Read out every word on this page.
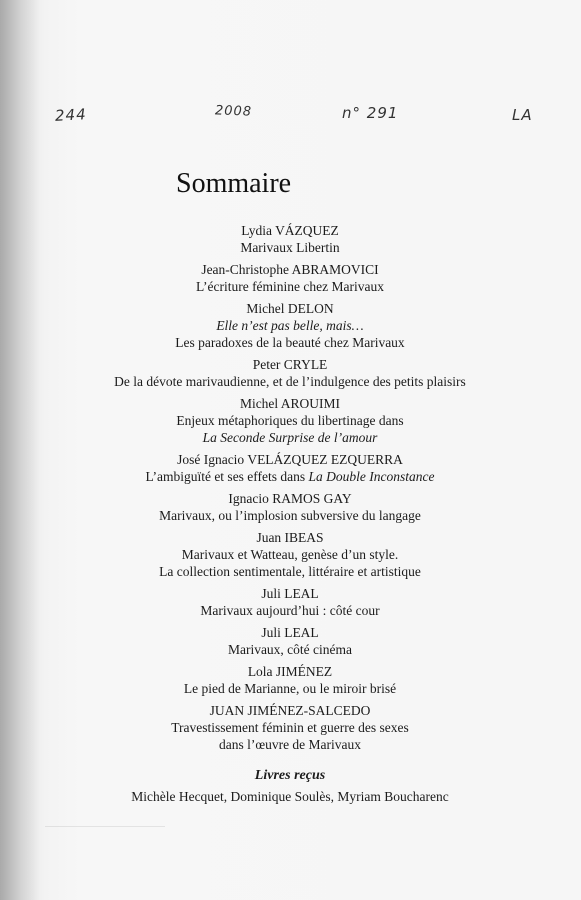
244	2008	n° 291	LA
Sommaire
Lydia VÁZQUEZ
Marivaux Libertin
Jean-Christophe ABRAMOVICI
L’écriture féminine chez Marivaux
Michel DELON
Elle n’est pas belle, mais…
Les paradoxes de la beauté chez Marivaux
Peter CRYLE
De la dévote marivaudienne, et de l’indulgence des petits plaisirs
Michel AROUIMI
Enjeux métaphoriques du libertinage dans
La Seconde Surprise de l’amour
José Ignacio VELÁZQUEZ EZQUERRA
L’ambiguïté et ses effets dans La Double Inconstance
Ignacio RAMOS GAY
Marivaux, ou l’implosion subversive du langage
Juan IBEAS
Marivaux et Watteau, genèse d’un style.
La collection sentimentale, littéraire et artistique
Juli LEAL
Marivaux aujourd’hui : côté cour
Juli LEAL
Marivaux, côté cinéma
Lola JIMÉNEZ
Le pied de Marianne, ou le miroir brisé
JUAN JIMÉNEZ-SALCEDO
Travestissement féminin et guerre des sexes
dans l’œuvre de Marivaux
Livres reçus
Michèle Hecquet, Dominique Soulès, Myriam Boucharenc
